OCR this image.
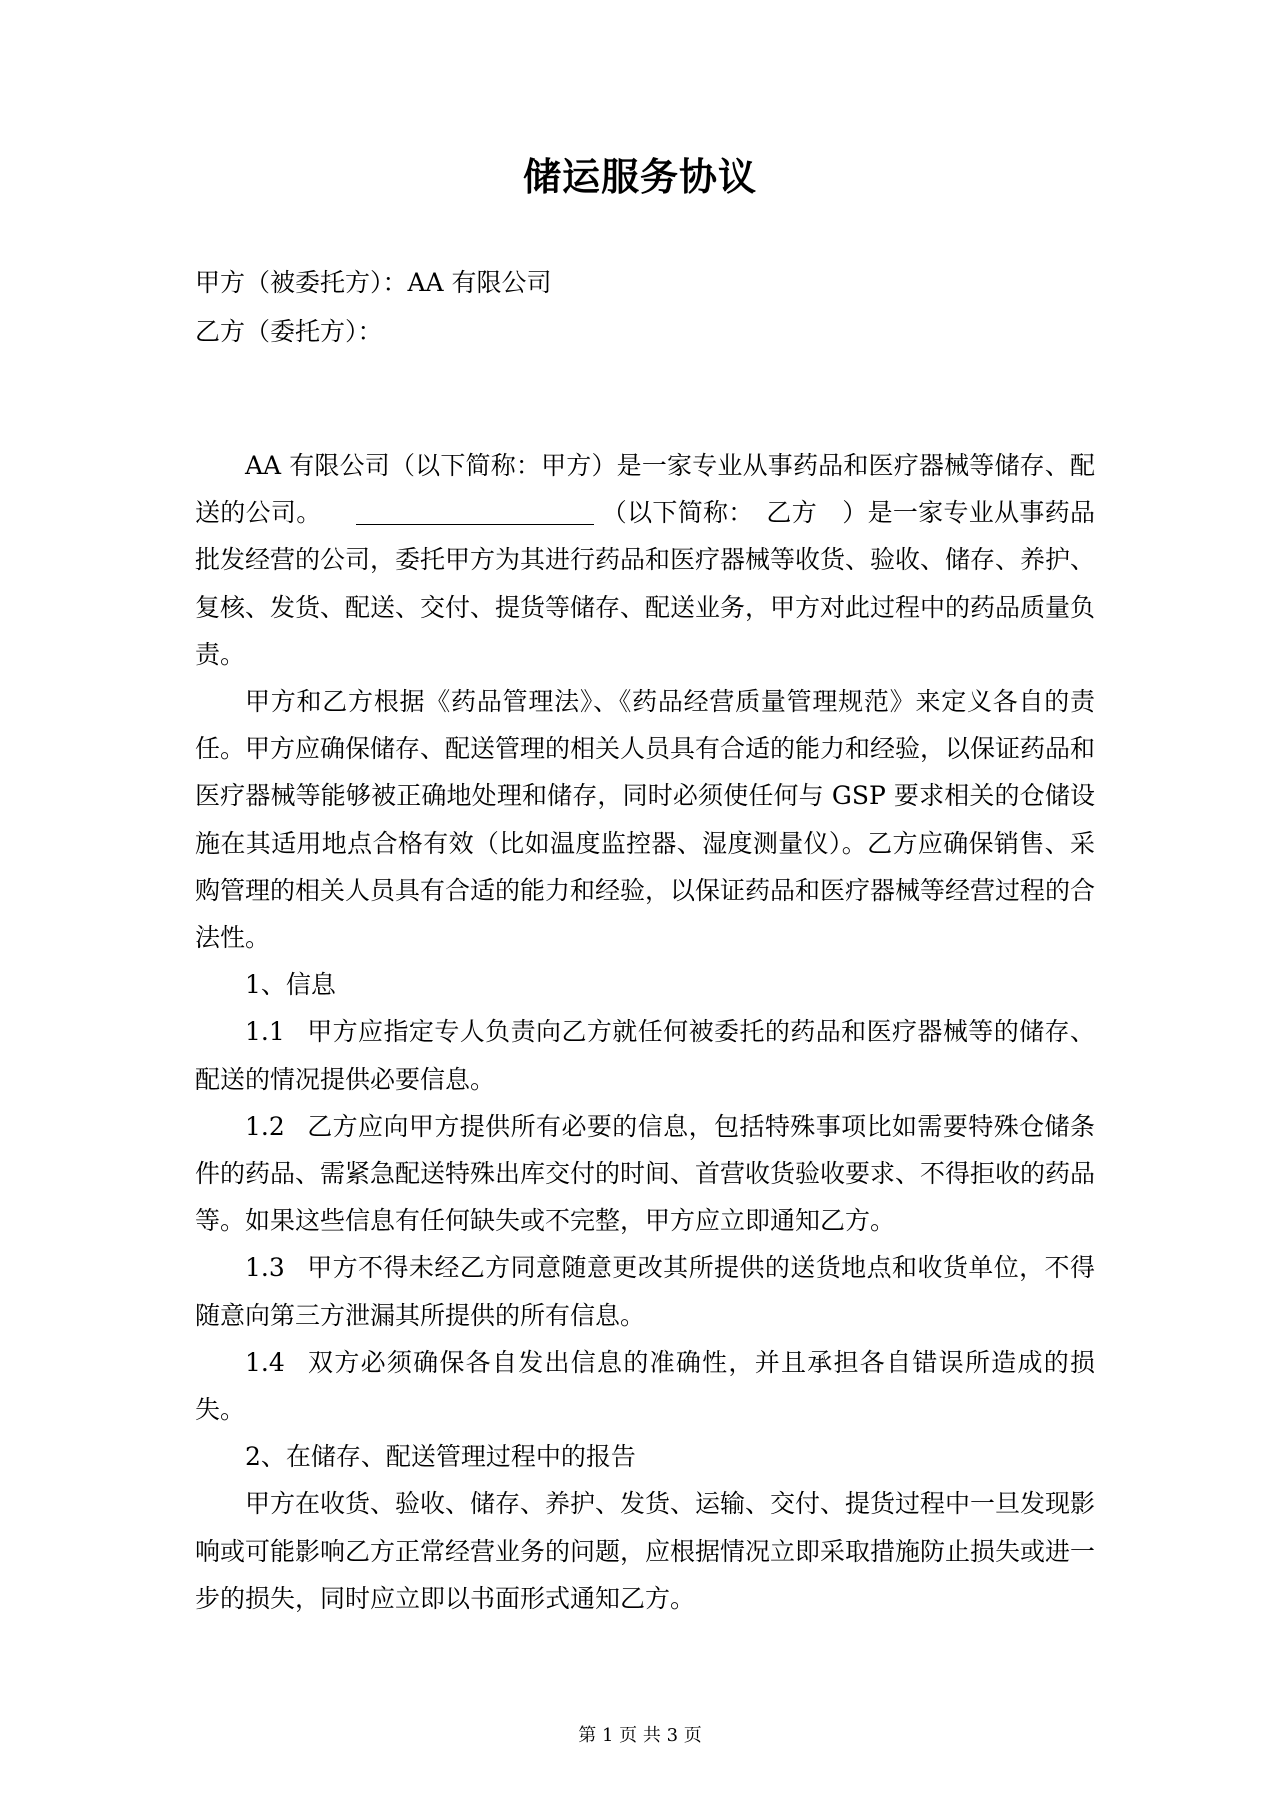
储运服务协议
甲方（被委托方）：AA 有限公司
乙方（委托方）：

AA 有限公司（以下简称：甲方）是一家专业从事药品和医疗器械等储存、配送的公司。	（以下简称：　乙方　）是一家专业从事药品批发经营的公司，委托甲方为其进行药品和医疗器械等收货、验收、储存、养护、复核、发货、配送、交付、提货等储存、配送业务，甲方对此过程中的药品质量负责。

甲方和乙方根据《药品管理法》、《药品经营质量管理规范》来定义各自的责任。甲方应确保储存、配送管理的相关人员具有合适的能力和经验，以保证药品和医疗器械等能够被正确地处理和储存，同时必须使任何与 GSP 要求相关的仓储设施在其适用地点合格有效（比如温度监控器、湿度测量仪）。乙方应确保销售、采购管理的相关人员具有合适的能力和经验，以保证药品和医疗器械等经营过程的合法性。

1、信息

1.1 甲方应指定专人负责向乙方就任何被委托的药品和医疗器械等的储存、配送的情况提供必要信息。

1.2 乙方应向甲方提供所有必要的信息，包括特殊事项比如需要特殊仓储条件的药品、需紧急配送特殊出库交付的时间、首营收货验收要求、不得拒收的药品等。如果这些信息有任何缺失或不完整，甲方应立即通知乙方。

1.3 甲方不得未经乙方同意随意更改其所提供的送货地点和收货单位，不得随意向第三方泄漏其所提供的所有信息。

1.4 双方必须确保各自发出信息的准确性，并且承担各自错误所造成的损失。

2、在储存、配送管理过程中的报告

甲方在收货、验收、储存、养护、发货、运输、交付、提货过程中一旦发现影响或可能影响乙方正常经营业务的问题，应根据情况立即采取措施防止损失或进一步的损失，同时应立即以书面形式通知乙方。

第 1 页 共 3 页
